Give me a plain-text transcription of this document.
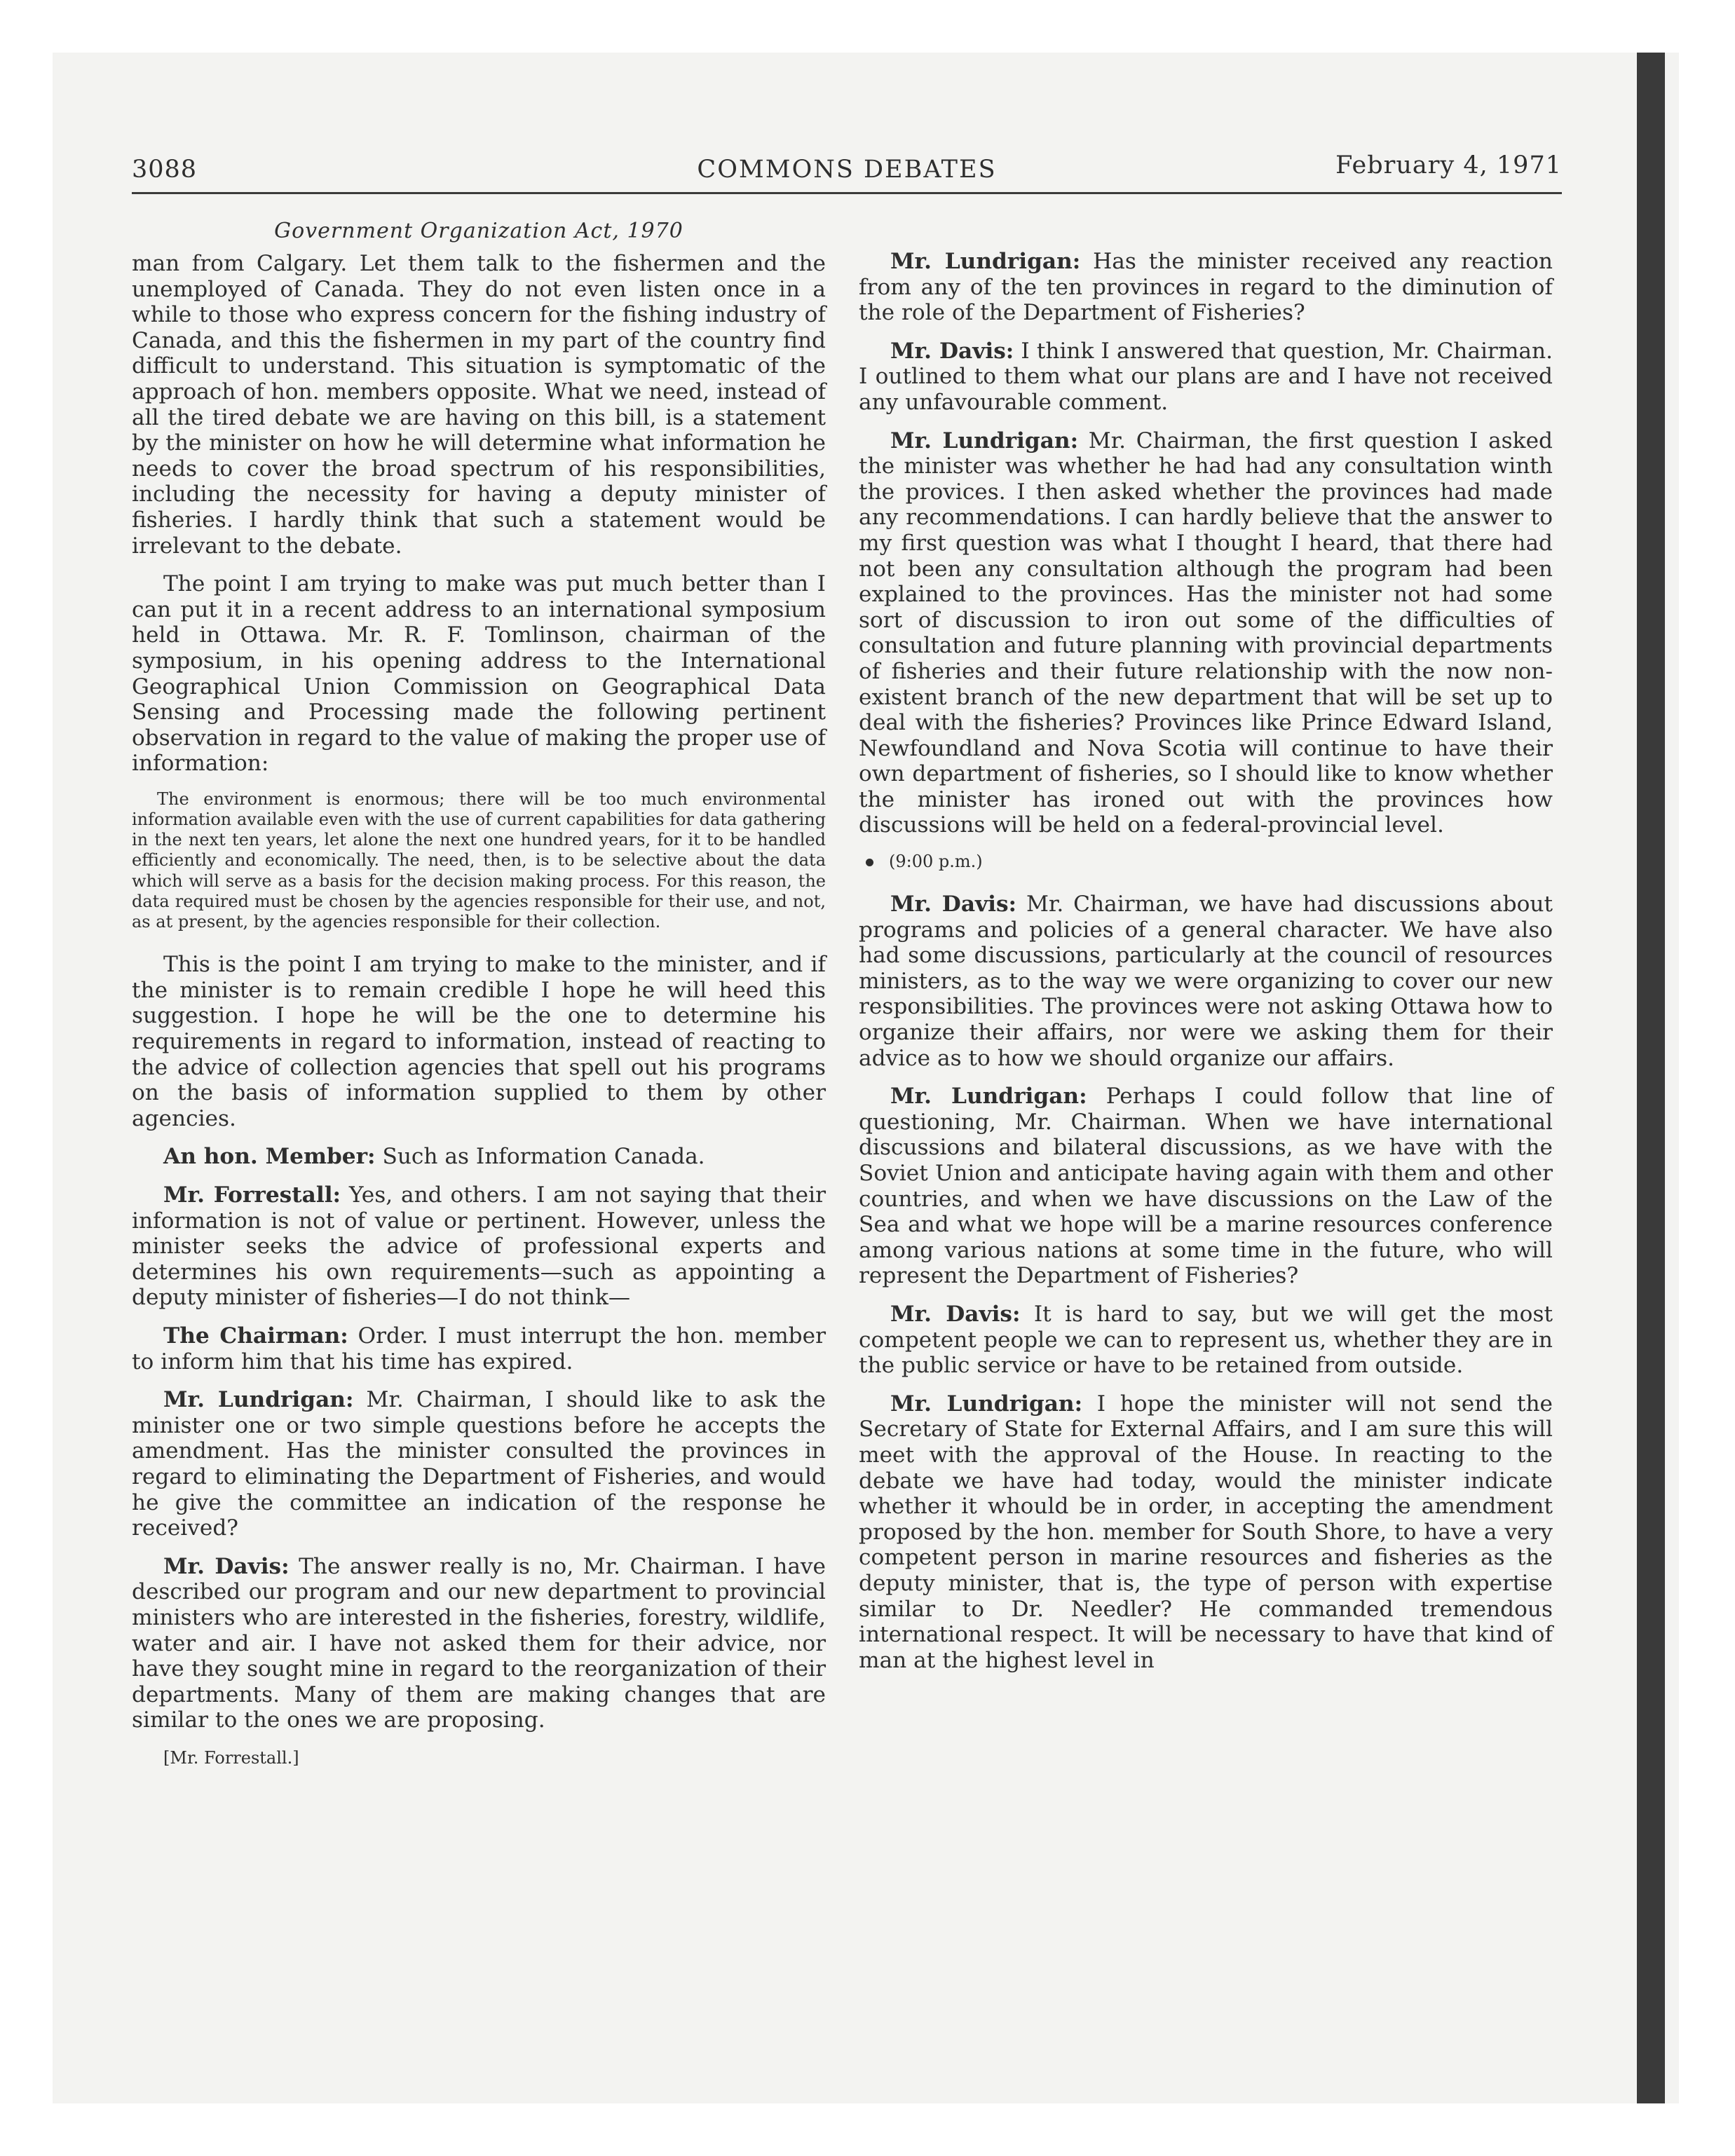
3088	COMMONS DEBATES	February 4, 1971
Government Organization Act, 1970

man from Calgary. Let them talk to the fishermen and the unemployed of Canada. They do not even listen once in a while to those who express concern for the fishing industry of Canada, and this the fishermen in my part of the country find difficult to understand. This situation is symptomatic of the approach of hon. members opposite. What we need, instead of all the tired debate we are having on this bill, is a statement by the minister on how he will determine what information he needs to cover the broad spectrum of his responsibilities, including the necessity for having a deputy minister of fisheries. I hardly think that such a statement would be irrelevant to the debate.

The point I am trying to make was put much better than I can put it in a recent address to an international symposium held in Ottawa. Mr. R. F. Tomlinson, chairman of the symposium, in his opening address to the International Geographical Union Commission on Geographical Data Sensing and Processing made the following pertinent observation in regard to the value of making the proper use of information:

The environment is enormous; there will be too much environmental information available even with the use of current capabilities for data gathering in the next ten years, let alone the next one hundred years, for it to be handled efficiently and economically. The need, then, is to be selective about the data which will serve as a basis for the decision making process. For this reason, the data required must be chosen by the agencies responsible for their use, and not, as at present, by the agencies responsible for their collection.

This is the point I am trying to make to the minister, and if the minister is to remain credible I hope he will heed this suggestion. I hope he will be the one to determine his requirements in regard to information, instead of reacting to the advice of collection agencies that spell out his programs on the basis of information supplied to them by other agencies.

An hon. Member: Such as Information Canada.

Mr. Forrestall: Yes, and others. I am not saying that their information is not of value or pertinent. However, unless the minister seeks the advice of professional experts and determines his own requirements—such as appointing a deputy minister of fisheries—I do not think—

The Chairman: Order. I must interrupt the hon. member to inform him that his time has expired.

Mr. Lundrigan: Mr. Chairman, I should like to ask the minister one or two simple questions before he accepts the amendment. Has the minister consulted the provinces in regard to eliminating the Department of Fisheries, and would he give the committee an indication of the response he received?

Mr. Davis: The answer really is no, Mr. Chairman. I have described our program and our new department to provincial ministers who are interested in the fisheries, forestry, wildlife, water and air. I have not asked them for their advice, nor have they sought mine in regard to the reorganization of their departments. Many of them are making changes that are similar to the ones we are proposing.

[Mr. Forrestall.]

Mr. Lundrigan: Has the minister received any reaction from any of the ten provinces in regard to the diminution of the role of the Department of Fisheries?

Mr. Davis: I think I answered that question, Mr. Chairman. I outlined to them what our plans are and I have not received any unfavourable comment.

Mr. Lundrigan: Mr. Chairman, the first question I asked the minister was whether he had had any consultation winth the provices. I then asked whether the provinces had made any recommendations. I can hardly believe that the answer to my first question was what I thought I heard, that there had not been any consultation although the program had been explained to the provinces. Has the minister not had some sort of discussion to iron out some of the difficulties of consultation and future planning with provincial departments of fisheries and their future relationship with the now non-existent branch of the new department that will be set up to deal with the fisheries? Provinces like Prince Edward Island, Newfoundland and Nova Scotia will continue to have their own department of fisheries, so I should like to know whether the minister has ironed out with the provinces how discussions will be held on a federal-provincial level.

(9:00 p.m.)

Mr. Davis: Mr. Chairman, we have had discussions about programs and policies of a general character. We have also had some discussions, particularly at the council of resources ministers, as to the way we were organizing to cover our new responsibilities. The provinces were not asking Ottawa how to organize their affairs, nor were we asking them for their advice as to how we should organize our affairs.

Mr. Lundrigan: Perhaps I could follow that line of questioning, Mr. Chairman. When we have international discussions and bilateral discussions, as we have with the Soviet Union and anticipate having again with them and other countries, and when we have discussions on the Law of the Sea and what we hope will be a marine resources conference among various nations at some time in the future, who will represent the Department of Fisheries?

Mr. Davis: It is hard to say, but we will get the most competent people we can to represent us, whether they are in the public service or have to be retained from outside.

Mr. Lundrigan: I hope the minister will not send the Secretary of State for External Affairs, and I am sure this will meet with the approval of the House. In reacting to the debate we have had today, would the minister indicate whether it whould be in order, in accepting the amendment proposed by the hon. member for South Shore, to have a very competent person in marine resources and fisheries as the deputy minister, that is, the type of person with expertise similar to Dr. Needler? He commanded tremendous international respect. It will be necessary to have that kind of man at the highest level in
